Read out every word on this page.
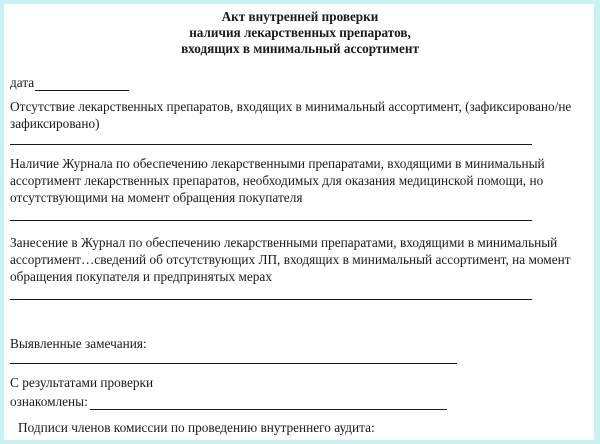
Акт внутренней проверки
наличия лекарственных препаратов,
входящих в минимальный ассортимент
дата
Отсутствие лекарственных препаратов, входящих в минимальный ассортимент, (зафиксировано/не
зафиксировано)
Наличие Журнала по обеспечению лекарственными препаратами, входящими в минимальный
ассортимент лекарственных препаратов, необходимых для оказания медицинской помощи, но
отсутствующими на момент обращения покупателя
Занесение в Журнал по обеспечению лекарственными препаратами, входящими в минимальный
ассортимент…сведений об отсутствующих ЛП, входящих в минимальный ассортимент, на момент
обращения покупателя и предпринятых мерах
Выявленные замечания:
С результатами проверки
ознакомлены:
Подписи членов комиссии по проведению внутреннего аудита:
